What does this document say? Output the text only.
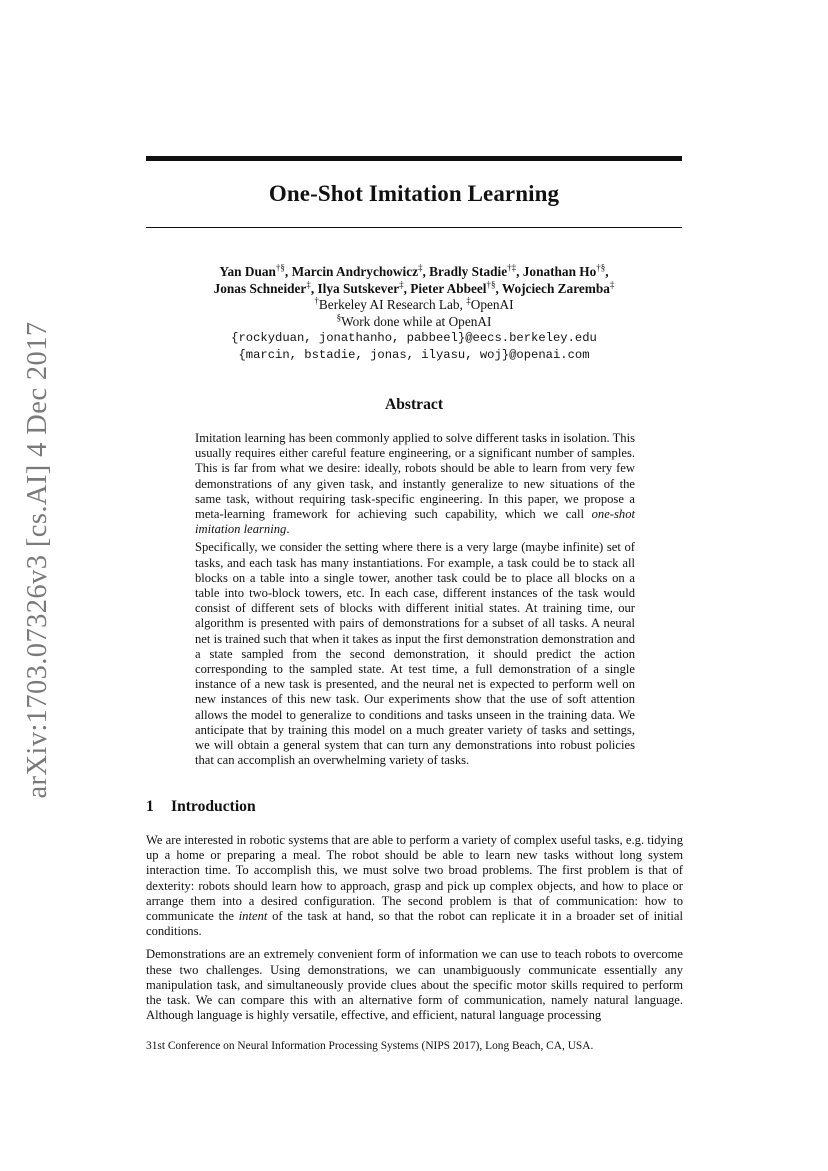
arXiv:1703.07326v3 [cs.AI] 4 Dec 2017
One-Shot Imitation Learning
Yan Duan†§, Marcin Andrychowicz‡, Bradly Stadie†‡, Jonathan Ho†§,
Jonas Schneider‡, Ilya Sutskever‡, Pieter Abbeel†§, Wojciech Zaremba‡
†Berkeley AI Research Lab, ‡OpenAI
§Work done while at OpenAI
{rockyduan, jonathanho, pabbeel}@eecs.berkeley.edu
{marcin, bstadie, jonas, ilyasu, woj}@openai.com
Abstract

Imitation learning has been commonly applied to solve different tasks in isolation. This usually requires either careful feature engineering, or a significant number of samples. This is far from what we desire: ideally, robots should be able to learn from very few demonstrations of any given task, and instantly generalize to new situations of the same task, without requiring task-specific engineering. In this paper, we propose a meta-learning framework for achieving such capability, which we call one-shot imitation learning.

Specifically, we consider the setting where there is a very large (maybe infinite) set of tasks, and each task has many instantiations. For example, a task could be to stack all blocks on a table into a single tower, another task could be to place all blocks on a table into two-block towers, etc. In each case, different instances of the task would consist of different sets of blocks with different initial states. At training time, our algorithm is presented with pairs of demonstrations for a subset of all tasks. A neural net is trained such that when it takes as input the first demonstration demonstration and a state sampled from the second demonstration, it should predict the action corresponding to the sampled state. At test time, a full demonstration of a single instance of a new task is presented, and the neural net is expected to perform well on new instances of this new task. Our experiments show that the use of soft attention allows the model to generalize to conditions and tasks unseen in the training data. We anticipate that by training this model on a much greater variety of tasks and settings, we will obtain a general system that can turn any demonstrations into robust policies that can accomplish an overwhelming variety of tasks.

1 Introduction

We are interested in robotic systems that are able to perform a variety of complex useful tasks, e.g. tidying up a home or preparing a meal. The robot should be able to learn new tasks without long system interaction time. To accomplish this, we must solve two broad problems. The first problem is that of dexterity: robots should learn how to approach, grasp and pick up complex objects, and how to place or arrange them into a desired configuration. The second problem is that of communication: how to communicate the intent of the task at hand, so that the robot can replicate it in a broader set of initial conditions.

Demonstrations are an extremely convenient form of information we can use to teach robots to overcome these two challenges. Using demonstrations, we can unambiguously communicate essentially any manipulation task, and simultaneously provide clues about the specific motor skills required to perform the task. We can compare this with an alternative form of communication, namely natural language. Although language is highly versatile, effective, and efficient, natural language processing

31st Conference on Neural Information Processing Systems (NIPS 2017), Long Beach, CA, USA.
